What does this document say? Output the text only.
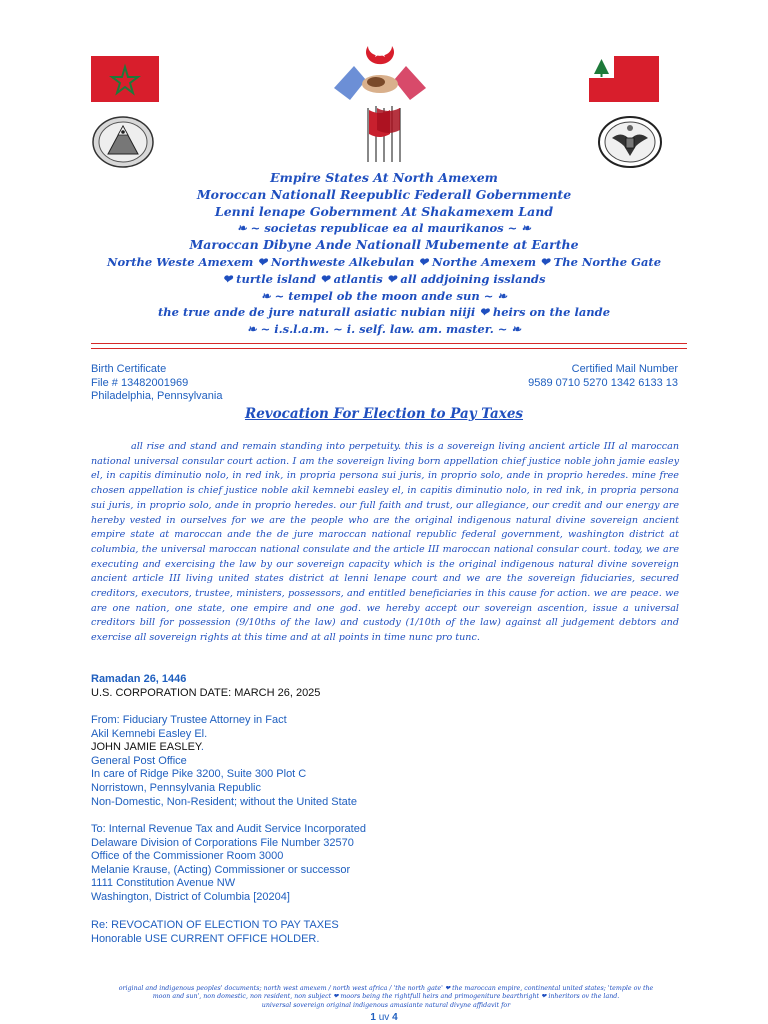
Empire States At North Amexem
Moroccan Nationall Reepublic Federall Gobernmente
Lenni lenape Gobernment At Shakamexem Land
❧ ~ societas republicae ea al maurikanos ~ ❧
Maroccan Dibyne Ande Nationall Mubemente at Earthe
Northe Weste Amexem ❤ Northweste Alkebulan ❤ Northe Amexem ❤ The Northe Gate
❤ turtle island ❤ atlantis ❤ all addjoining isslands
❧ ~ tempel ob the moon ande sun ~ ❧
the true ande de jure naturall asiatic nubian niiji ❤ heirs on the lande
❧ ~ i.s.l.a.m. ~ i. self. law. am. master. ~ ❧
Birth Certificate
File # 13482001969
Philadelphia, Pennsylvania
Certified Mail Number
9589 0710 5270 1342 6133 13
Revocation For Election to Pay Taxes
all rise and stand and remain standing into perpetuity. this is a sovereign living ancient article III al maroccan national universal consular court action. I am the sovereign living born appellation chief justice noble john jamie easley el, in capitis diminutio nolo, in red ink, in propria persona sui juris, in proprio solo, ande in proprio heredes. mine free chosen appellation is chief justice noble akil kemnebi easley el, in capitis diminutio nolo, in red ink, in propria persona sui juris, in proprio solo, ande in proprio heredes. our full faith and trust, our allegiance, our credit and our energy are hereby vested in ourselves for we are the people who are the original indigenous natural divine sovereign ancient empire state at maroccan ande the de jure maroccan national republic federal government, washington district at columbia, the universal maroccan national consulate and the article III maroccan national consular court. today, we are executing and exercising the law by our sovereign capacity which is the original indigenous natural divine sovereign ancient article III living united states district at lenni lenape court and we are the sovereign fiduciaries, secured creditors, executors, trustee, ministers, possessors, and entitled beneficiaries in this cause for action. we are peace. we are one nation, one state, one empire and one god. we hereby accept our sovereign ascention, issue a universal creditors bill for possession (9/10ths of the law) and custody (1/10th of the law) against all judgement debtors and exercise all sovereign rights at this time and at all points in time nunc pro tunc.
Ramadan 26, 1446
U.S. CORPORATION DATE: MARCH 26, 2025
From: Fiduciary Trustee Attorney in Fact
Akil Kemnebi Easley El.
JOHN JAMIE EASLEY.
General Post Office
In care of Ridge Pike 3200, Suite 300 Plot C
Norristown, Pennsylvania Republic
Non-Domestic, Non-Resident; without the United State
To: Internal Revenue Tax and Audit Service Incorporated
Delaware Division of Corporations File Number 32570
Office of the Commissioner Room 3000
Melanie Krause, (Acting) Commissioner or successor
1111 Constitution Avenue NW
Washington, District of Columbia [20204]
Re: REVOCATION OF ELECTION TO PAY TAXES
Honorable USE CURRENT OFFICE HOLDER.
original and indigenous peoples' documents; north west amexem / north west africa / 'the north gate' ❤ the maroccan empire, continental united states; 'temple ov the
moon and sun', non domestic, non resident, non subject ❤ moors being the rightfull heirs and primogeniture bearthright ❤ inheritors ov the land.
universal sovereign original indigenous amasiante natural divyne affidavit for
1 uv 4
